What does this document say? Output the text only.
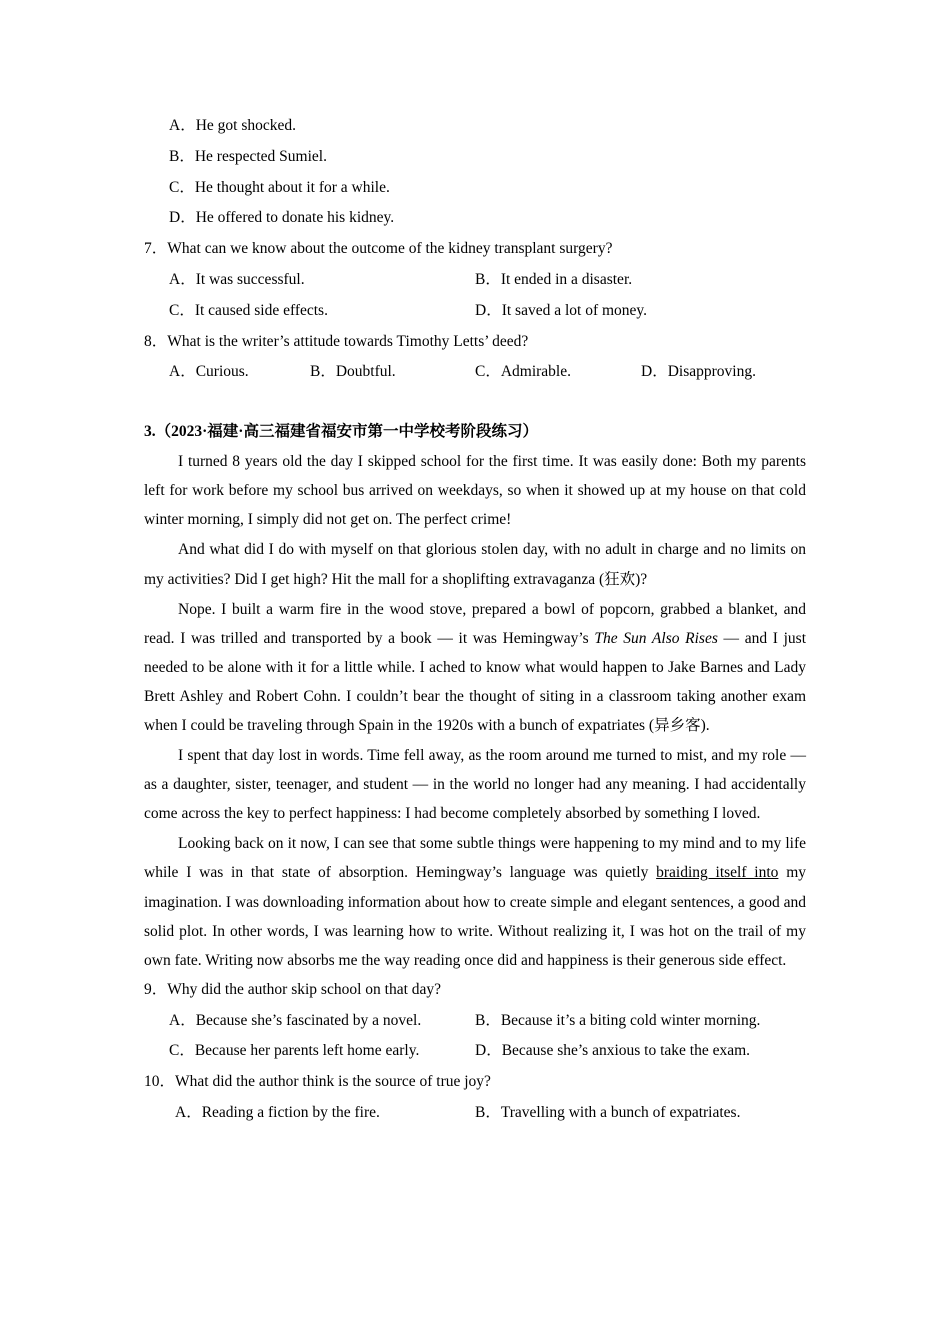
A．He got shocked.
B．He respected Sumiel.
C．He thought about it for a while.
D．He offered to donate his kidney.
7．What can we know about the outcome of the kidney transplant surgery?
A．It was successful.	B．It ended in a disaster.
C．It caused side effects.	D．It saved a lot of money.
8．What is the writer’s attitude towards Timothy Letts’ deed?
A．Curious.	B．Doubtful.	C．Admirable.	D．Disapproving.
3.（2023·福建·高三福建省福安市第一中学校考阶段练习）

I turned 8 years old the day I skipped school for the first time. It was easily done: Both my parents left for work before my school bus arrived on weekdays, so when it showed up at my house on that cold winter morning, I simply did not get on. The perfect crime!

And what did I do with myself on that glorious stolen day, with no adult in charge and no limits on my activities? Did I get high? Hit the mall for a shoplifting extravaganza (狂欢)?

Nope. I built a warm fire in the wood stove, prepared a bowl of popcorn, grabbed a blanket, and read. I was trilled and transported by a book — it was Hemingway’s The Sun Also Rises — and I just needed to be alone with it for a little while. I ached to know what would happen to Jake Barnes and Lady Brett Ashley and Robert Cohn. I couldn’t bear the thought of siting in a classroom taking another exam when I could be traveling through Spain in the 1920s with a bunch of expatriates (异乡客).

I spent that day lost in words. Time fell away, as the room around me turned to mist, and my role — as a daughter, sister, teenager, and student — in the world no longer had any meaning. I had accidentally come across the key to perfect happiness: I had become completely absorbed by something I loved.

Looking back on it now, I can see that some subtle things were happening to my mind and to my life while I was in that state of absorption. Hemingway’s language was quietly braiding itself into my imagination. I was downloading information about how to create simple and elegant sentences, a good and solid plot. In other words, I was learning how to write. Without realizing it, I was hot on the trail of my own fate. Writing now absorbs me the way reading once did and happiness is their generous side effect.

9．Why did the author skip school on that day?
A．Because she’s fascinated by a novel.	B．Because it’s a biting cold winter morning.
C．Because her parents left home early.	D．Because she’s anxious to take the exam.
10．What did the author think is the source of true joy?
A．Reading a fiction by the fire.	B．Travelling with a bunch of expatriates.
